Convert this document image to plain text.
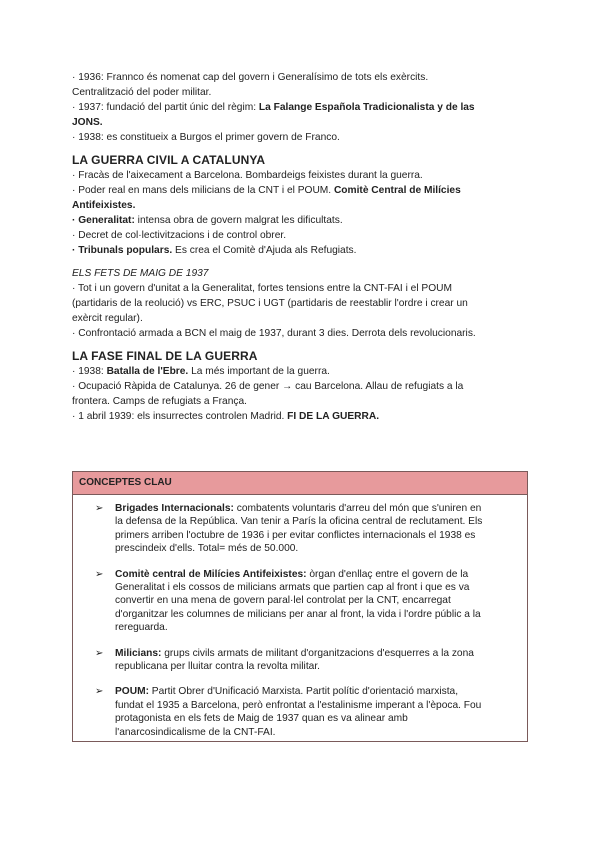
· 1936: Frannco és nomenat cap del govern i Generalísimo de tots els exèrcits.

Centralització del poder militar.

· 1937: fundació del partit únic del règim: La Falange Española Tradicionalista y de las

JONS.

· 1938: es constitueix a Burgos el primer govern de Franco.

LA GUERRA CIVIL A CATALUNYA

· Fracàs de l'aixecament a Barcelona. Bombardeigs feixistes durant la guerra.

· Poder real en mans dels milicians de la CNT i el POUM. Comitè Central de Milícies

Antifeixistes.

· Generalitat: intensa obra de govern malgrat les dificultats.

· Decret de col·lectivitzacions i de control obrer.

· Tribunals populars. Es crea el Comitè d'Ajuda als Refugiats.

ELS FETS DE MAIG DE 1937

· Tot i un govern d'unitat a la Generalitat, fortes tensions entre la CNT-FAI i el POUM

(partidaris de la reolució) vs ERC, PSUC i UGT (partidaris de reestablir l'ordre i crear un

exèrcit regular).

· Confrontació armada a BCN el maig de 1937, durant 3 dies. Derrota dels revolucionaris.

LA FASE FINAL DE LA GUERRA

· 1938: Batalla de l'Ebre. La més important de la guerra.

· Ocupació Ràpida de Catalunya. 26 de gener → cau Barcelona. Allau de refugiats a la

frontera. Camps de refugiats a França.

· 1 abril 1939: els insurrectes controlen Madrid. FI DE LA GUERRA.

CONCEPTES CLAU
➢ Brigades Internacionals: combatents voluntaris d'arreu del món que s'uniren en

la defensa de la República. Van tenir a París la oficina central de reclutament. Els

primers arriben l'octubre de 1936 i per evitar conflictes internacionals el 1938 es

prescindeix d'ells. Total= més de 50.000.

➢ Comitè central de Milícies Antifeixistes: òrgan d'enllaç entre el govern de la

Generalitat i els cossos de milicians armats que partien cap al front i que es va

convertir en una mena de govern paral·lel controlat per la CNT, encarregat

d'organitzar les columnes de milicians per anar al front, la vida i l'ordre públic a la

rereguarda.

➢ Milicians: grups civils armats de militant d'organitzacions d'esquerres a la zona

republicana per lluitar contra la revolta militar.

➢ POUM: Partit Obrer d'Unificació Marxista. Partit polític d'orientació marxista,

fundat el 1935 a Barcelona, però enfrontat a l'estalinisme imperant a l'època. Fou

protagonista en els fets de Maig de 1937 quan es va alinear amb

l'anarcosindicalisme de la CNT-FAI.
